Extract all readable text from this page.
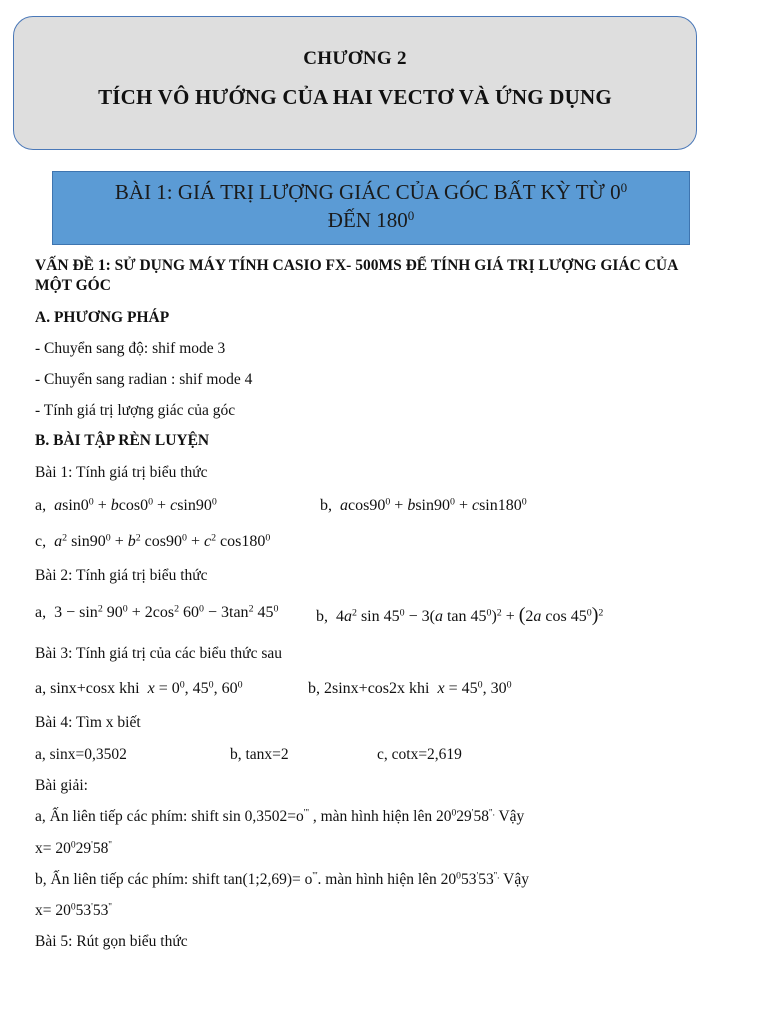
CHƯƠNG 2
TÍCH VÔ HƯỚNG CỦA HAI VECTƠ VÀ ỨNG DỤNG
BÀI 1: GIÁ TRỊ LƯỢNG GIÁC CỦA GÓC BẤT KỲ TỪ $0^0$
ĐẾN $180^0$
VẤN ĐỀ 1: SỬ DỤNG MÁY TÍNH CASIO FX- 500MS ĐỂ TÍNH GIÁ TRỊ LƯỢNG GIÁC CỦA
MỘT GÓC
A. PHƯƠNG PHÁP
- Chuyển sang độ: shif mode 3
- Chuyển sang radian : shif mode 4
- Tính giá trị lượng giác của góc
B. BÀI TẬP RÈN LUYỆN
Bài 1: Tính giá trị biểu thức
a, $asin0^0 + bcos0^0 + csin90^0$	b, $acos90^0 + bsin90^0 + csin180^0$
c, $a^2$ $\sin 90^0 + b^2$ $\cos 90^0 + c^2$ $\cos 180^0$
Bài 2: Tính giá trị biểu thức
a,  $3 - \sin^2 90^0 + 2\cos^2$ $60^0 - 3\tan^2$ $45^0$ b,  $4a^2$ $\sin 45^0 - 3(a$ $\tan 45^0)^2 + (2a$ $\cos 45^0)^2$
Bài 3: Tính giá trị của các biểu thức sau
a, sinx+cosx khi $x = 0^0$, $45^0$, $60^0$	b, 2sinx+cos2x khi $x = 45^0$, $30^0$
Bài 4: Tìm x biết
a, sinx=0,3502	b, tanx=2	c, cotx=2,619
Bài giải:
a, Ấn liên tiếp các phím: shift sin 0,3502=o''' , màn hình hiện lên $20^029'58^{''.}$ Vậy
$x= 20^029'58''$
b, Ấn liên tiếp các phím: shift tan(1;2,69)= o'''. màn hình hiện lên $20^053'53^{''.}$ Vậy
$x= 20^053'53''$
Bài 5: Rút gọn biểu thức
